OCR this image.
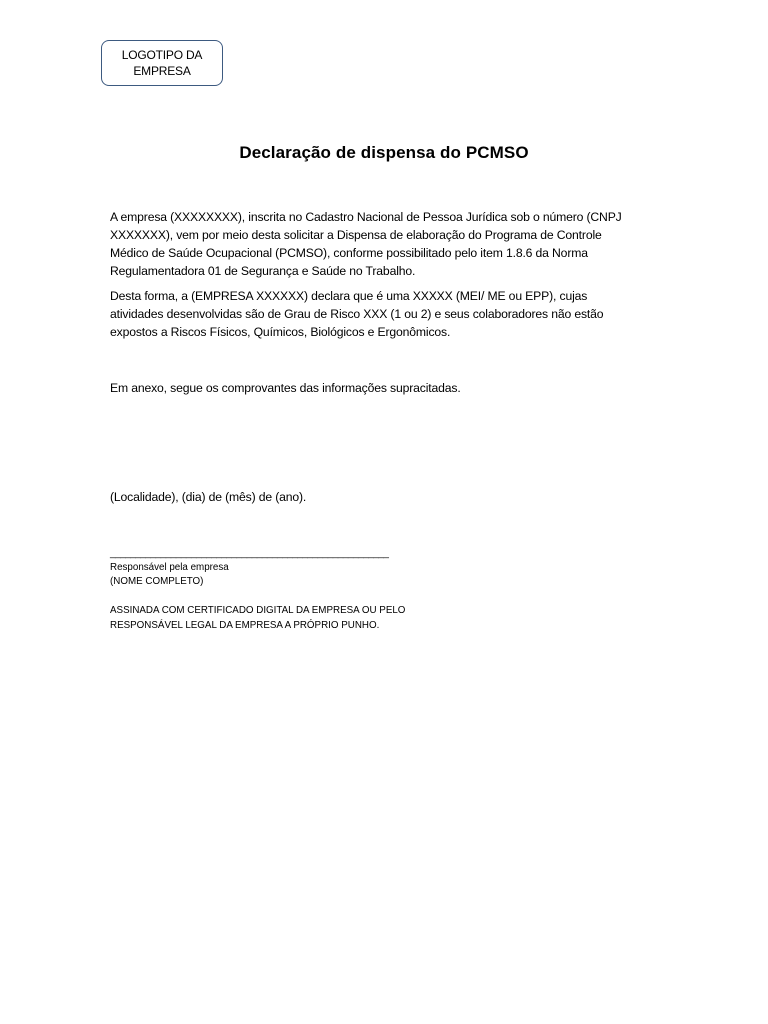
LOGOTIPO DA
EMPRESA
Declaração de dispensa do PCMSO
A empresa (XXXXXXXX), inscrita no Cadastro Nacional de Pessoa Jurídica sob o número (CNPJ
XXXXXXX), vem por meio desta solicitar a Dispensa de elaboração do Programa de Controle
Médico de Saúde Ocupacional (PCMSO), conforme possibilitado pelo item 1.8.6 da Norma
Regulamentadora 01 de Segurança e Saúde no Trabalho.
Desta forma, a (EMPRESA XXXXXX) declara que é uma XXXXX (MEI/ ME ou EPP), cujas
atividades desenvolvidas são de Grau de Risco XXX (1 ou 2) e seus colaboradores não estão
expostos a Riscos Físicos, Químicos, Biológicos e Ergonômicos.
Em anexo, segue os comprovantes das informações supracitadas.
(Localidade), (dia) de (mês) de (ano).
_______________________________________________________
Responsável pela empresa
(NOME COMPLETO)
ASSINADA COM CERTIFICADO DIGITAL DA EMPRESA OU PELO
RESPONSÁVEL LEGAL DA EMPRESA A PRÓPRIO PUNHO.
